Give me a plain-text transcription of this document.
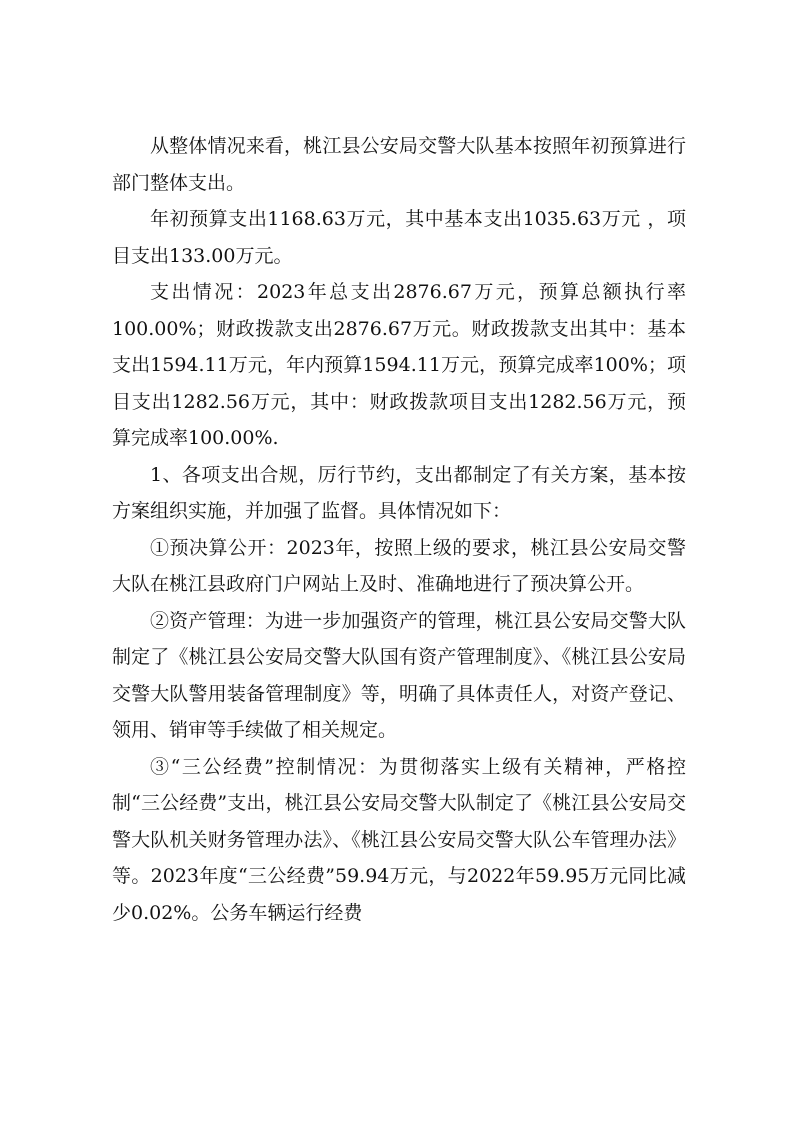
从整体情况来看，桃江县公安局交警大队基本按照年初预算进行部门整体支出。

年初预算支出1168.63万元，其中基本支出1035.63万元 ，项目支出133.00万元。

支出情况：2023年总支出2876.67万元，预算总额执行率100.00%；财政拨款支出2876.67万元。财政拨款支出其中：基本支出1594.11万元，年内预算1594.11万元，预算完成率100%；项目支出1282.56万元，其中：财政拨款项目支出1282.56万元，预算完成率100.00%.

1、各项支出合规，厉行节约，支出都制定了有关方案，基本按方案组织实施，并加强了监督。具体情况如下：

①预决算公开：2023年，按照上级的要求，桃江县公安局交警大队在桃江县政府门户网站上及时、准确地进行了预决算公开。

②资产管理：为进一步加强资产的管理，桃江县公安局交警大队制定了《桃江县公安局交警大队国有资产管理制度》、《桃江县公安局交警大队警用装备管理制度》等，明确了具体责任人，对资产登记、领用、销审等手续做了相关规定。

③“三公经费”控制情况：为贯彻落实上级有关精神，严格控制“三公经费”支出，桃江县公安局交警大队制定了《桃江县公安局交警大队机关财务管理办法》、《桃江县公安局交警大队公车管理办法》等。2023年度“三公经费”59.94万元，与2022年59.95万元同比减少0.02%。公务车辆运行经费
